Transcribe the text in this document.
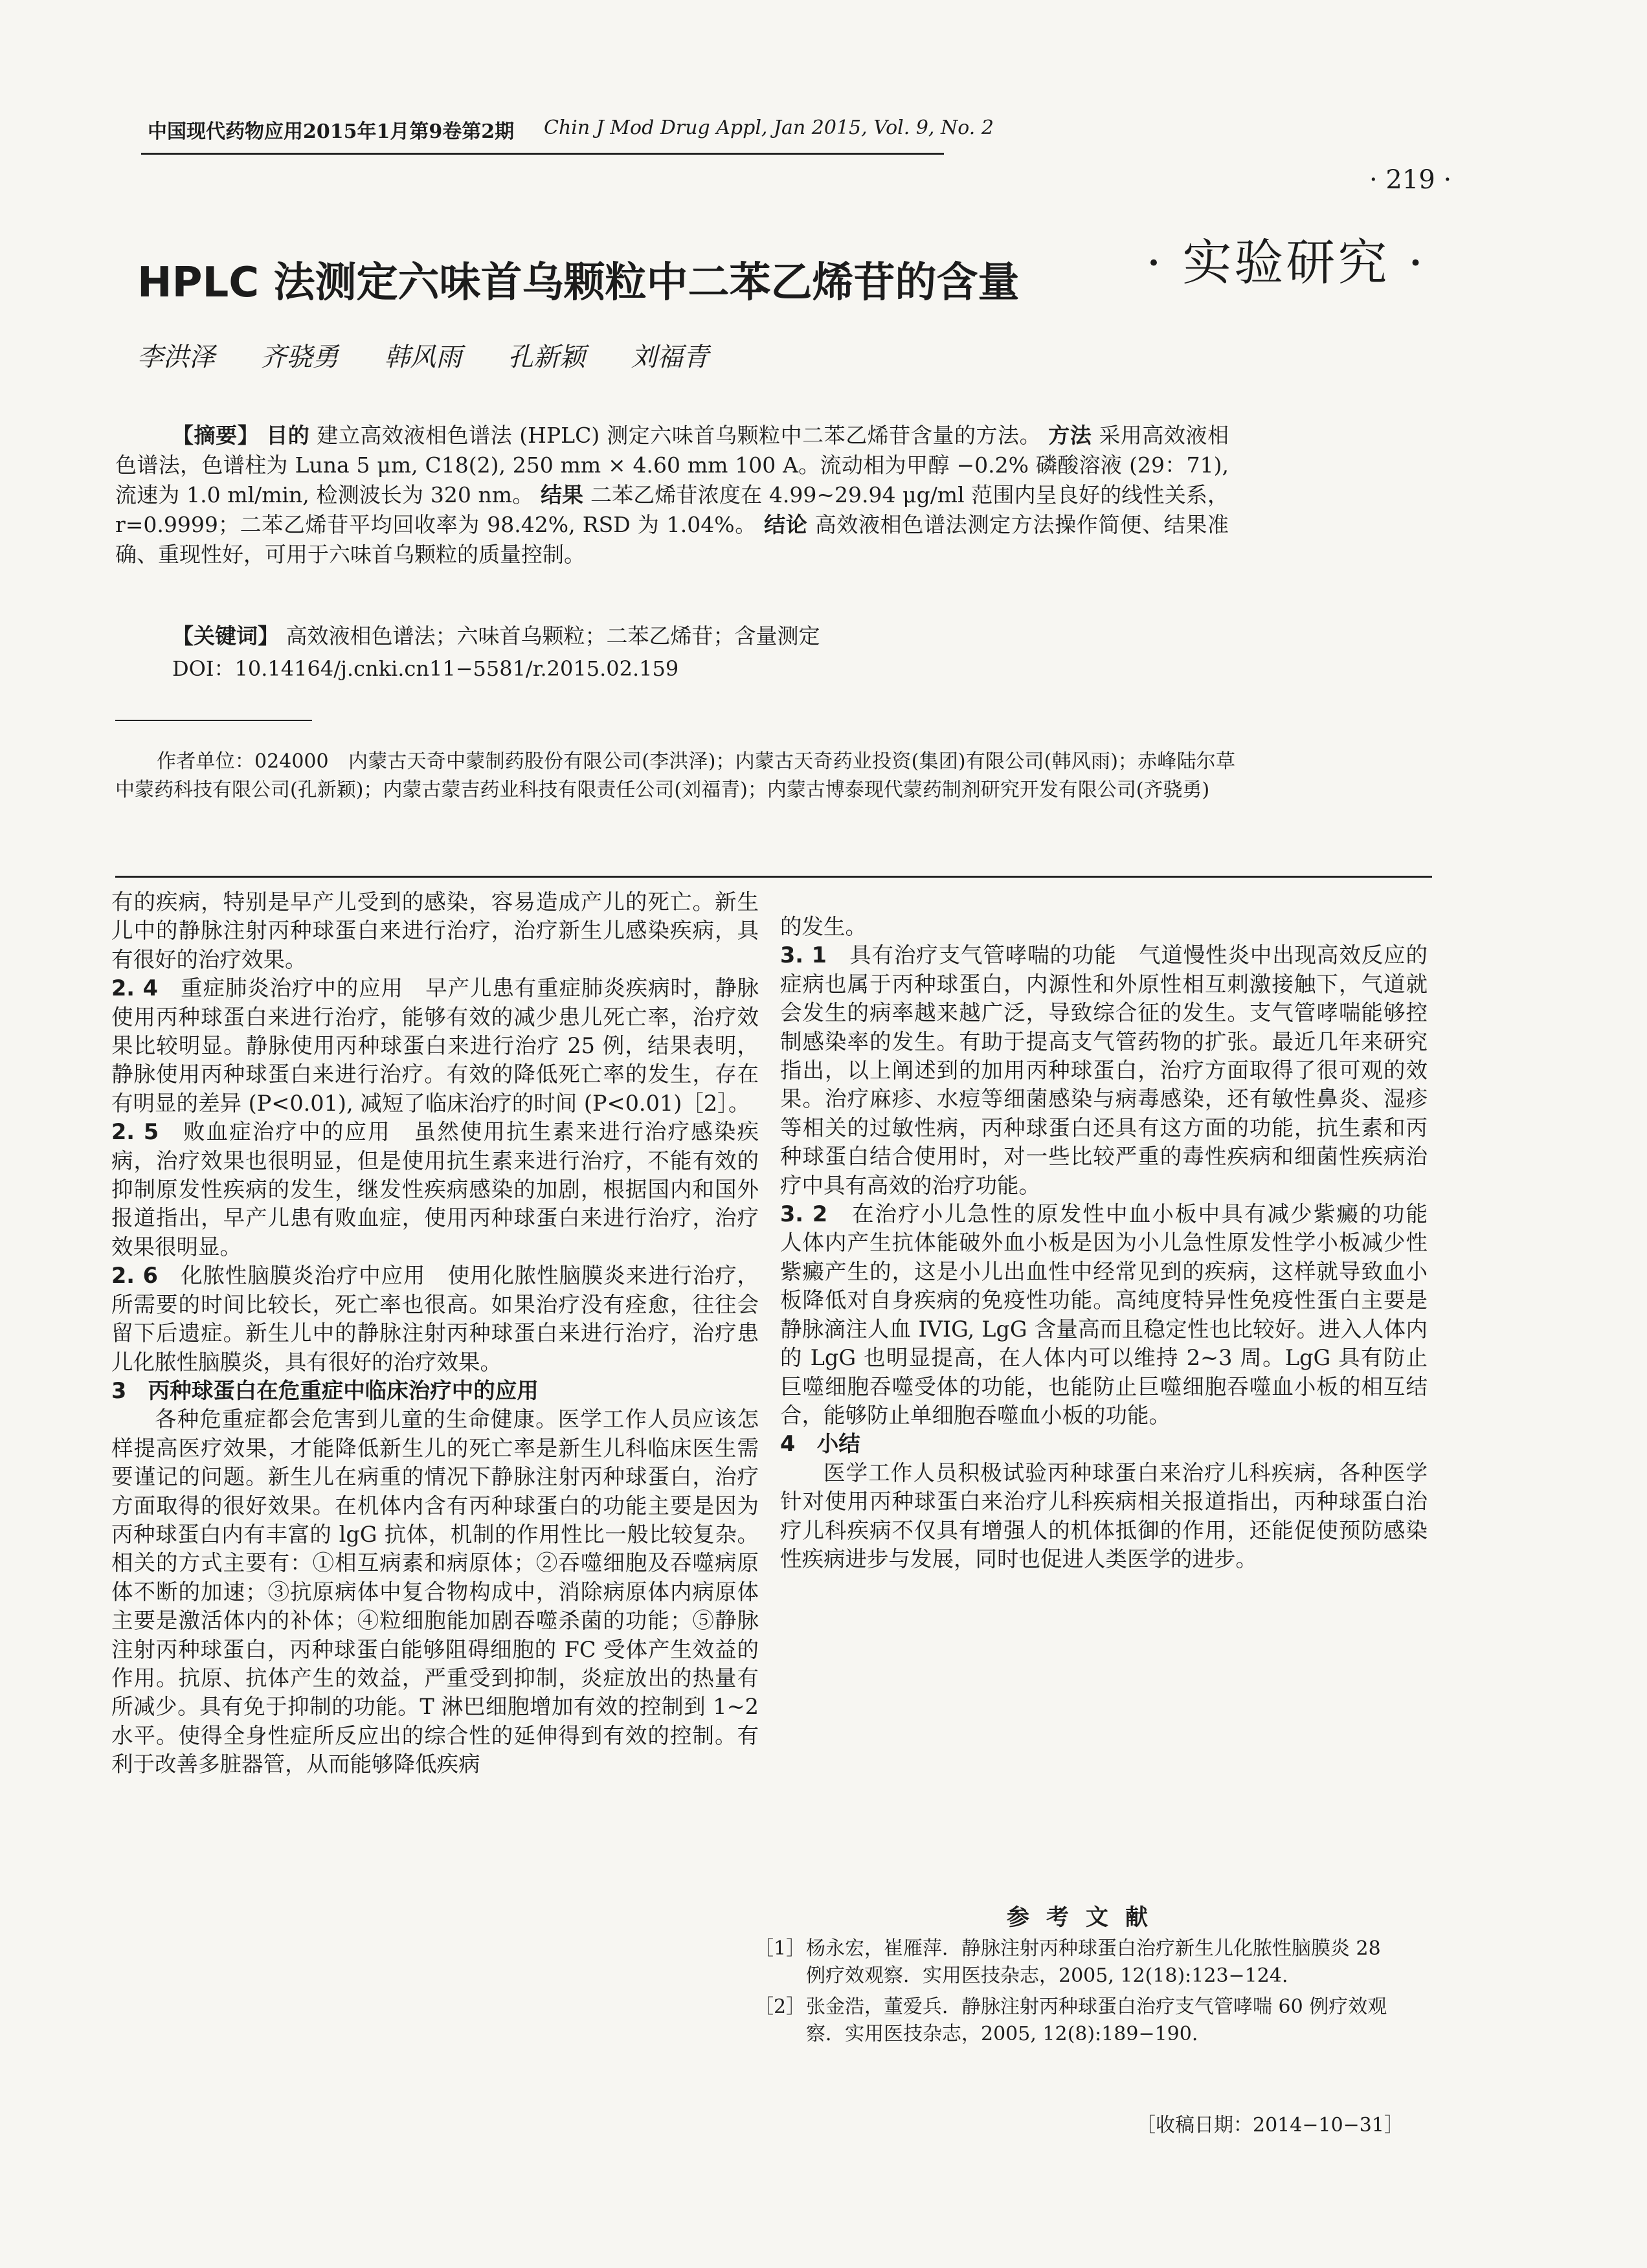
中国现代药物应用2015年1月第9卷第2期 Chin J Mod Drug Appl, Jan 2015, Vol. 9, No. 2
· 219 ·
· 实验研究 ·
HPLC 法测定六味首乌颗粒中二苯乙烯苷的含量
李洪泽 齐骁勇 韩风雨 孔新颖 刘福青
【摘要】 目的 建立高效液相色谱法 (HPLC) 测定六味首乌颗粒中二苯乙烯苷含量的方法。 方法 采用高效液相色谱法，色谱柱为 Luna 5 μm, C18(2), 250 mm × 4.60 mm 100 A。流动相为甲醇 −0.2% 磷酸溶液 (29：71), 流速为 1.0 ml/min, 检测波长为 320 nm。 结果 二苯乙烯苷浓度在 4.99~29.94 μg/ml 范围内呈良好的线性关系，r=0.9999；二苯乙烯苷平均回收率为 98.42%, RSD 为 1.04%。 结论 高效液相色谱法测定方法操作简便、结果准确、重现性好，可用于六味首乌颗粒的质量控制。
【关键词】 高效液相色谱法；六味首乌颗粒；二苯乙烯苷；含量测定
DOI：10.14164/j.cnki.cn11−5581/r.2015.02.159
作者单位：024000　内蒙古天奇中蒙制药股份有限公司(李洪泽)；内蒙古天奇药业投资(集团)有限公司(韩风雨)；赤峰陆尔草中蒙药科技有限公司(孔新颖)；内蒙古蒙吉药业科技有限责任公司(刘福青)；内蒙古博泰现代蒙药制剂研究开发有限公司(齐骁勇)

有的疾病，特别是早产儿受到的感染，容易造成产儿的死亡。新生儿中的静脉注射丙种球蛋白来进行治疗，治疗新生儿感染疾病，具有很好的治疗效果。

2. 4　 重症肺炎治疗中的应用　 早产儿患有重症肺炎疾病时，静脉使用丙种球蛋白来进行治疗，能够有效的减少患儿死亡率，治疗效果比较明显。静脉使用丙种球蛋白来进行治疗 25 例，结果表明，静脉使用丙种球蛋白来进行治疗。有效的降低死亡率的发生，存在有明显的差异 (P<0.01), 减短了临床治疗的时间 (P<0.01)［2］。

2. 5　 败血症治疗中的应用　 虽然使用抗生素来进行治疗感染疾病，治疗效果也很明显，但是使用抗生素来进行治疗，不能有效的抑制原发性疾病的发生，继发性疾病感染的加剧，根据国内和国外报道指出，早产儿患有败血症，使用丙种球蛋白来进行治疗，治疗效果很明显。

2. 6　 化脓性脑膜炎治疗中应用　 使用化脓性脑膜炎来进行治疗，所需要的时间比较长，死亡率也很高。如果治疗没有痊愈，往往会留下后遗症。新生儿中的静脉注射丙种球蛋白来进行治疗，治疗患儿化脓性脑膜炎，具有很好的治疗效果。

3　丙种球蛋白在危重症中临床治疗中的应用

各种危重症都会危害到儿童的生命健康。医学工作人员应该怎样提高医疗效果，才能降低新生儿的死亡率是新生儿科临床医生需要谨记的问题。新生儿在病重的情况下静脉注射丙种球蛋白，治疗方面取得的很好效果。在机体内含有丙种球蛋白的功能主要是因为丙种球蛋白内有丰富的 lgG 抗体，机制的作用性比一般比较复杂。相关的方式主要有：①相互病素和病原体；②吞噬细胞及吞噬病原体不断的加速；③抗原病体中复合物构成中，消除病原体内病原体主要是激活体内的补体；④粒细胞能加剧吞噬杀菌的功能；⑤静脉注射丙种球蛋白，丙种球蛋白能够阻碍细胞的 FC 受体产生效益的作用。抗原、抗体产生的效益，严重受到抑制，炎症放出的热量有所减少。具有免于抑制的功能。T 淋巴细胞增加有效的控制到 1~2 水平。使得全身性症所反应出的综合性的延伸得到有效的控制。有利于改善多脏器管，从而能够降低疾病

的发生。

3. 1　 具有治疗支气管哮喘的功能　 气道慢性炎中出现高效反应的症病也属于丙种球蛋白，内源性和外原性相互刺激接触下，气道就会发生的病率越来越广泛，导致综合征的发生。支气管哮喘能够控制感染率的发生。有助于提高支气管药物的扩张。最近几年来研究指出，以上阐述到的加用丙种球蛋白，治疗方面取得了很可观的效果。治疗麻疹、水痘等细菌感染与病毒感染，还有敏性鼻炎、湿疹等相关的过敏性病，丙种球蛋白还具有这方面的功能，抗生素和丙种球蛋白结合使用时，对一些比较严重的毒性疾病和细菌性疾病治疗中具有高效的治疗功能。

3. 2　 在治疗小儿急性的原发性中血小板中具有减少紫癜的功能　人体内产生抗体能破外血小板是因为小儿急性原发性学小板减少性紫癜产生的，这是小儿出血性中经常见到的疾病，这样就导致血小板降低对自身疾病的免疫性功能。高纯度特异性免疫性蛋白主要是静脉滴注人血 IVIG, LgG 含量高而且稳定性也比较好。进入人体内的 LgG 也明显提高，在人体内可以维持 2~3 周。LgG 具有防止巨噬细胞吞噬受体的功能，也能防止巨噬细胞吞噬血小板的相互结合，能够防止单细胞吞噬血小板的功能。

4　小结

医学工作人员积极试验丙种球蛋白来治疗儿科疾病，各种医学针对使用丙种球蛋白来治疗儿科疾病相关报道指出，丙种球蛋白治疗儿科疾病不仅具有增强人的机体抵御的作用，还能促使预防感染性疾病进步与发展，同时也促进人类医学的进步。

参考文献
［1］ 杨永宏，崔雁萍．静脉注射丙种球蛋白治疗新生儿化脓性脑膜炎 28 例疗效观察．实用医技杂志，2005, 12(18):123−124.
［2］ 张金浩，董爱兵．静脉注射丙种球蛋白治疗支气管哮喘 60 例疗效观察．实用医技杂志，2005, 12(8):189−190.
［收稿日期：2014−10−31］
